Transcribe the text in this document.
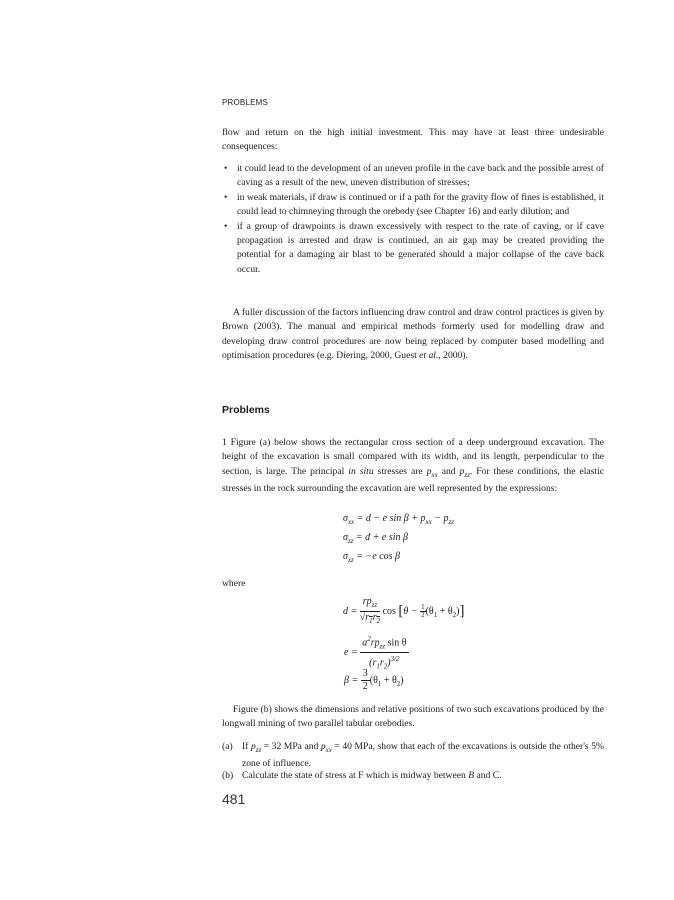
PROBLEMS
flow and return on the high initial investment. This may have at least three undesirable consequences:
• it could lead to the development of an uneven profile in the cave back and the possible arrest of caving as a result of the new, uneven distribution of stresses;
• in weak materials, if draw is continued or if a path for the gravity flow of fines is established, it could lead to chimneying through the orebody (see Chapter 16) and early dilution; and
• if a group of drawpoints is drawn excessively with respect to the rate of caving, or if cave propagation is arrested and draw is continued, an air gap may be created providing the potential for a damaging air blast to be generated should a major collapse of the cave back occur.
A fuller discussion of the factors influencing draw control and draw control practices is given by Brown (2003). The manual and empirical methods formerly used for modelling draw and developing draw control procedures are now being replaced by computer based modelling and optimisation procedures (e.g. Diering, 2000, Guest et al., 2000).
Problems
1 Figure (a) below shows the rectangular cross section of a deep underground excavation. The height of the excavation is small compared with its width, and its length, perpendicular to the section, is large. The principal in situ stresses are $p_{xx}$ and $p_{zz}$. For these conditions, the elastic stresses in the rock surrounding the excavation are well represented by the expressions:
$\sigma_{xx} = d - e$ $\sin \beta + p_{xx} - p_{zz}$
$\sigma_{zz} = d + e$ sin β
$\sigma_{xz} = -e$ cos β
where
$d = \frac{rp_{zz}}{√r_1r_2}$ $\cos [\theta - \frac{1}{2} (\theta_1 + \theta_2)]$
$e = \frac{a^2rp_{zz} \sin \theta}{(r_1r_2)^{3/2}}$
$\beta = \frac{3}{2} (\theta_1 + \theta_2)$
Figure (b) shows the dimensions and relative positions of two such excavations produced by the longwall mining of two parallel tabular orebodies.
(a) If $p_{zz} = 32$ MPa and $p_{xx} = 40$ MPa, show that each of the excavations is outside the other's 5% zone of influence.
(b) Calculate the state of stress at F which is midway between B and C.
481
